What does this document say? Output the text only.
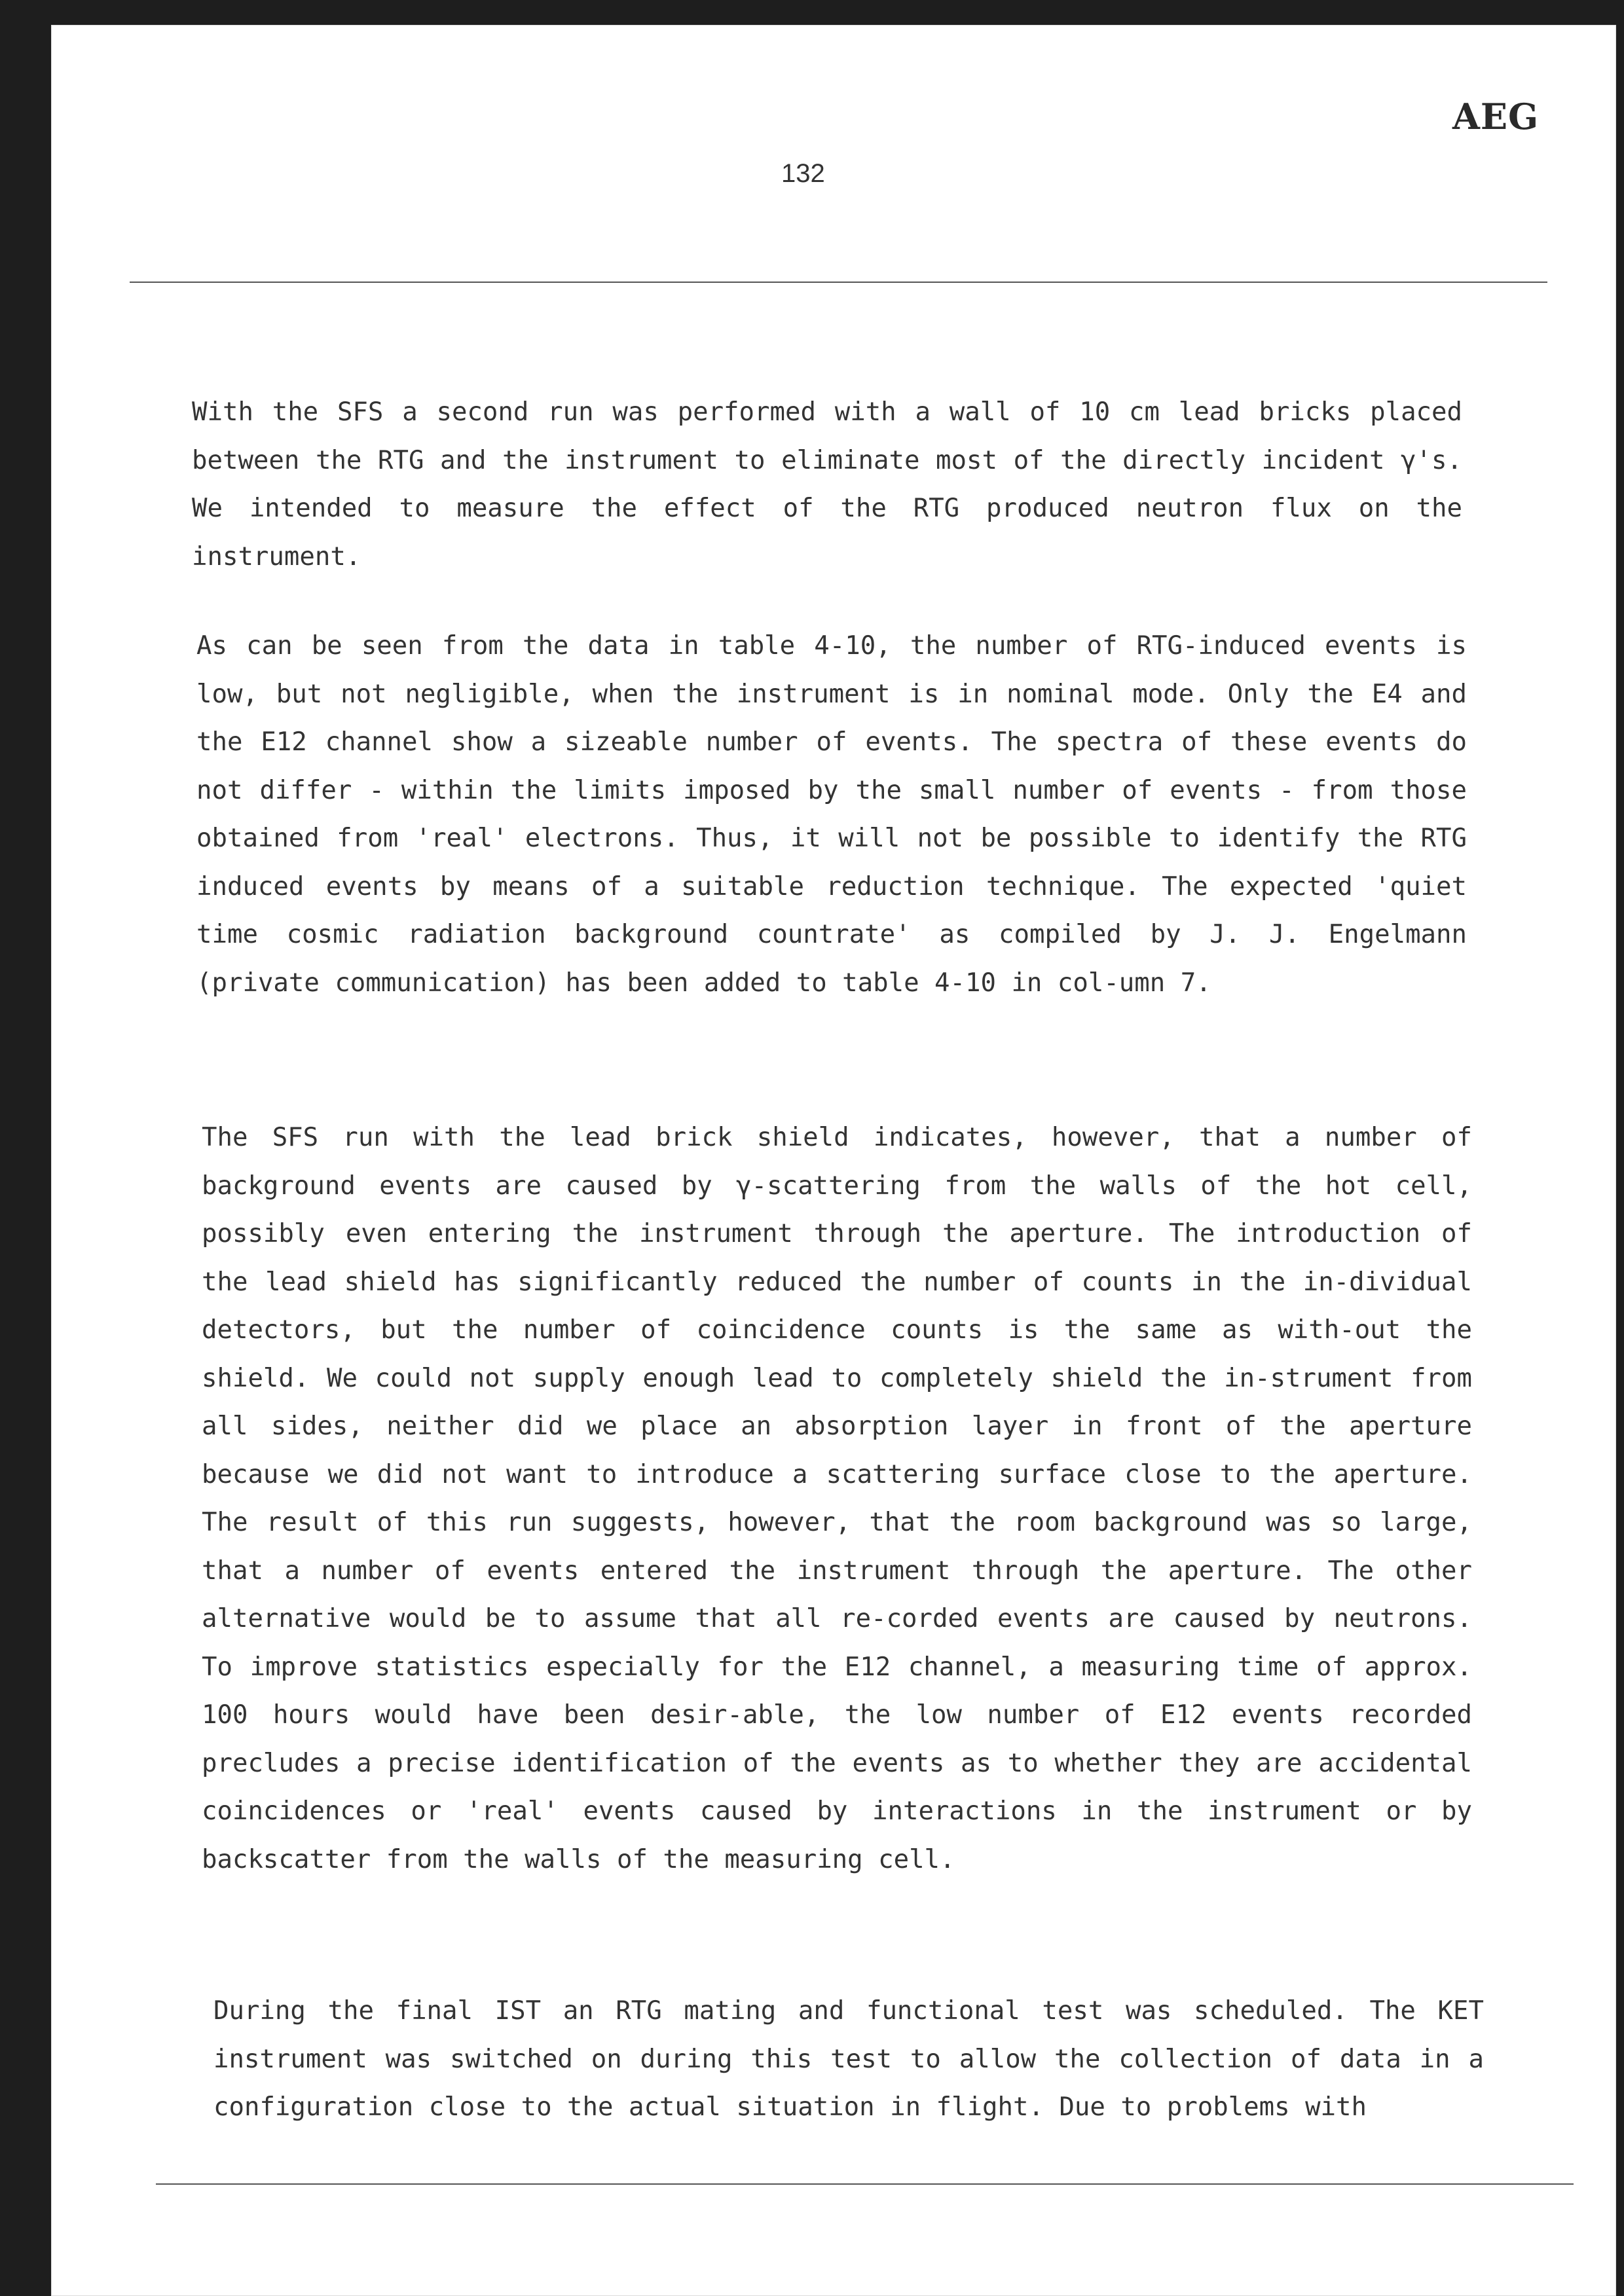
AEG
132

With the SFS a second run was performed with a wall of 10 cm lead bricks placed between the RTG and the instrument to eliminate most of the directly incident γ's. We intended to measure the effect of the RTG produced neutron flux on the instrument.

As can be seen from the data in table 4-10, the number of RTG-induced events is low, but not negligible, when the instrument is in nominal mode. Only the E4 and the E12 channel show a sizeable number of events. The spectra of these events do not differ - within the limits imposed by the small number of events - from those obtained from 'real' electrons. Thus, it will not be possible to identify the RTG induced events by means of a suitable reduction technique. The expected 'quiet time cosmic radiation background countrate' as compiled by J. J. Engelmann (private communication) has been added to table 4-10 in col-umn 7.

The SFS run with the lead brick shield indicates, however, that a number of background events are caused by γ-scattering from the walls of the hot cell, possibly even entering the instrument through the aperture. The introduction of the lead shield has significantly reduced the number of counts in the in-dividual detectors, but the number of coincidence counts is the same as with-out the shield. We could not supply enough lead to completely shield the in-strument from all sides, neither did we place an absorption layer in front of the aperture because we did not want to introduce a scattering surface close to the aperture. The result of this run suggests, however, that the room background was so large, that a number of events entered the instrument through the aperture. The other alternative would be to assume that all re-corded events are caused by neutrons. To improve statistics especially for the E12 channel, a measuring time of approx. 100 hours would have been desir-able, the low number of E12 events recorded precludes a precise identification of the events as to whether they are accidental coincidences or 'real' events caused by interactions in the instrument or by backscatter from the walls of the measuring cell.

During the final IST an RTG mating and functional test was scheduled. The KET instrument was switched on during this test to allow the collection of data in a configuration close to the actual situation in flight. Due to problems with
